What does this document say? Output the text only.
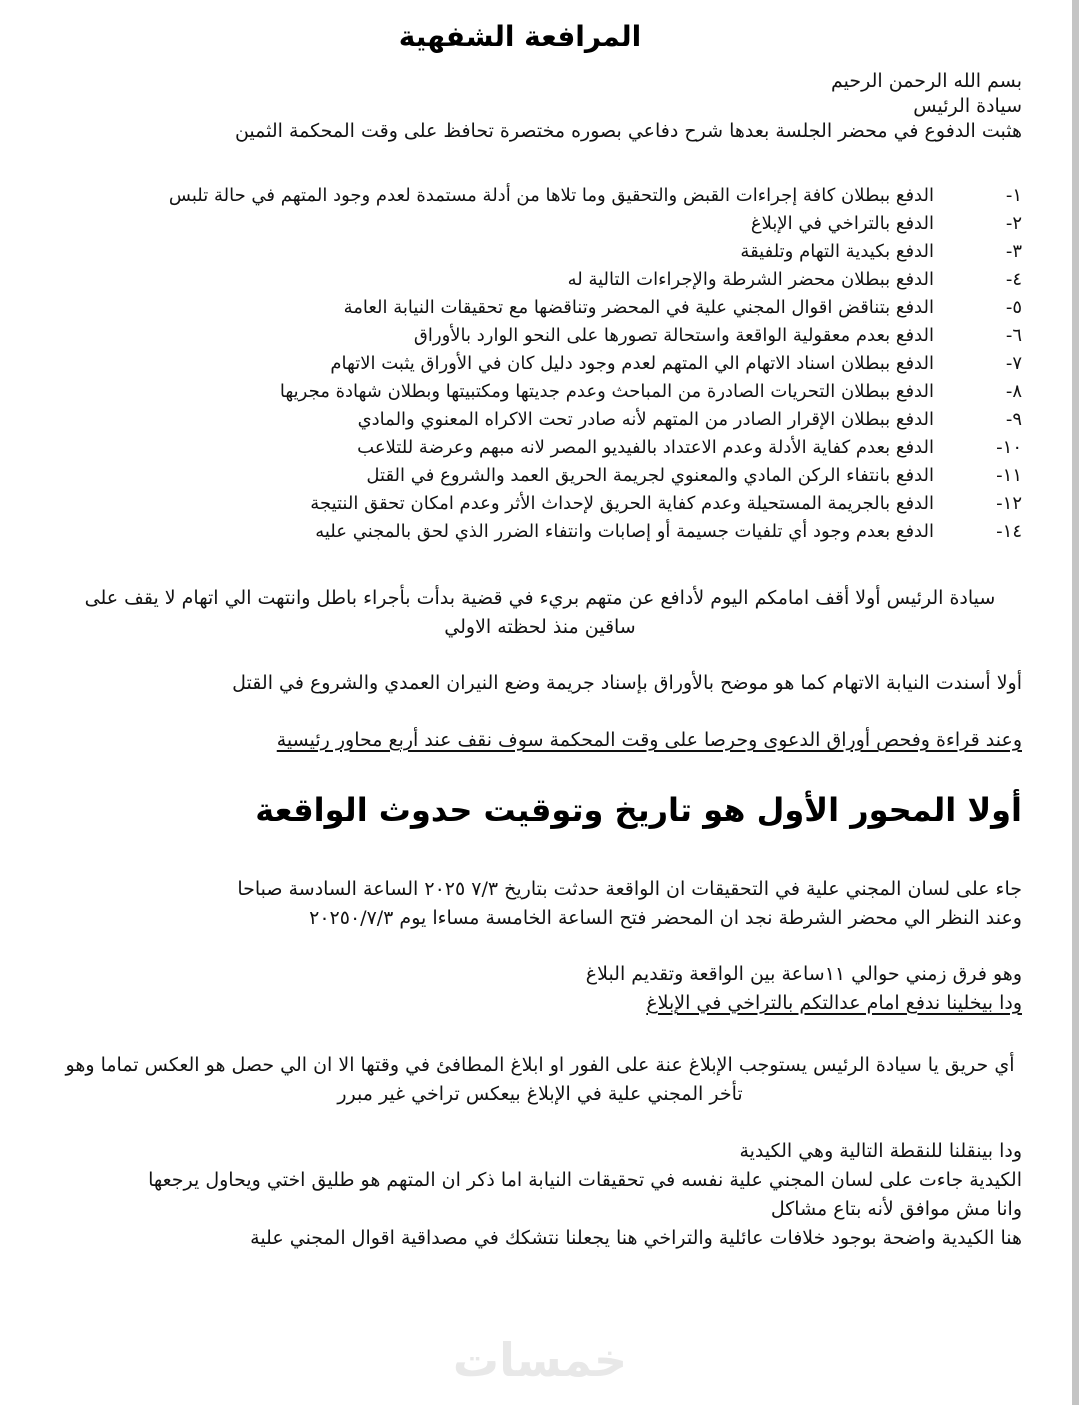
المرافعة الشفهية
بسم الله الرحمن الرحيم
سيادة الرئيس
هثبت الدفوع في محضر الجلسة بعدها شرح دفاعي بصوره مختصرة تحافظ على وقت المحكمة الثمين
١-
الدفع ببطلان كافة إجراءات القبض والتحقيق وما تلاها من أدلة مستمدة لعدم وجود المتهم في حالة تلبس
٢-
الدفع بالتراخي في الإبلاغ
٣-
الدفع بكيدية التهام وتلفيقة
٤-
الدفع ببطلان محضر الشرطة والإجراءات التالية له
٥-
الدفع بتناقض اقوال المجني علية في المحضر وتناقضها مع تحقيقات النيابة العامة
٦-
الدفع بعدم معقولية الواقعة واستحالة تصورها على النحو الوارد بالأوراق
٧-
الدفع ببطلان اسناد الاتهام الي المتهم لعدم وجود دليل كان في الأوراق يثبت الاتهام
٨-
الدفع ببطلان التحريات الصادرة من المباحث وعدم جديتها ومكتبيتها وبطلان شهادة مجريها
٩-
الدفع ببطلان الإقرار الصادر من المتهم لأنه صادر تحت الاكراه المعنوي والمادي
١٠-
الدفع بعدم كفاية الأدلة وعدم الاعتداد بالفيديو المصر لانه مبهم وعرضة للتلاعب
١١-
الدفع بانتفاء الركن المادي والمعنوي لجريمة الحريق العمد والشروع في القتل
١٢-
الدفع بالجريمة المستحيلة وعدم كفاية الحريق لإحداث الأثر وعدم امكان تحقق النتيجة
١٤-
الدفع بعدم وجود أي تلفيات جسيمة أو إصابات وانتفاء الضرر الذي لحق بالمجني عليه
سيادة الرئيس أولا أقف امامكم اليوم لأدافع عن متهم بريء في قضية بدأت بأجراء باطل وانتهت الي اتهام لا يقف على ساقين منذ لحظته الاولي
أولا أسندت النيابة الاتهام كما هو موضح بالأوراق بإسناد جريمة وضع النيران العمدي والشروع في القتل
وعند قراءة وفحص أوراق الدعوى وحرصا على وقت المحكمة سوف نقف عند أربع محاور رئيسية
أولا المحور الأول هو تاريخ وتوقيت حدوث الواقعة
جاء على لسان المجني علية في التحقيقات ان الواقعة حدثت بتاريخ ٧/٣ ٢٠٢٥ الساعة السادسة صباحا
وعند النظر الي محضر الشرطة نجد ان المحضر فتح الساعة الخامسة مساءا يوم ٢٠٢٥٠/٧/٣
وهو فرق زمني حوالي ١١ساعة بين الواقعة وتقديم البلاغ
ودا بيخلينا ندفع امام عدالتكم بالتراخي في الإبلاغ
أي حريق يا سيادة الرئيس يستوجب الإبلاغ عنة على الفور او ابلاغ المطافئ في وقتها الا ان الي حصل هو العكس تماما وهو تأخر المجني علية في الإبلاغ بيعكس تراخي غير مبرر
ودا بينقلنا للنقطة التالية وهي الكيدية
الكيدية جاءت على لسان المجني علية نفسه في تحقيقات النيابة اما ذكر ان المتهم هو طليق اختي ويحاول يرجعها
وانا مش موافق لأنه بتاع مشاكل
هنا الكيدية واضحة بوجود خلافات عائلية والتراخي هنا يجعلنا نتشكك في مصداقية اقوال المجني علية
خمسات
